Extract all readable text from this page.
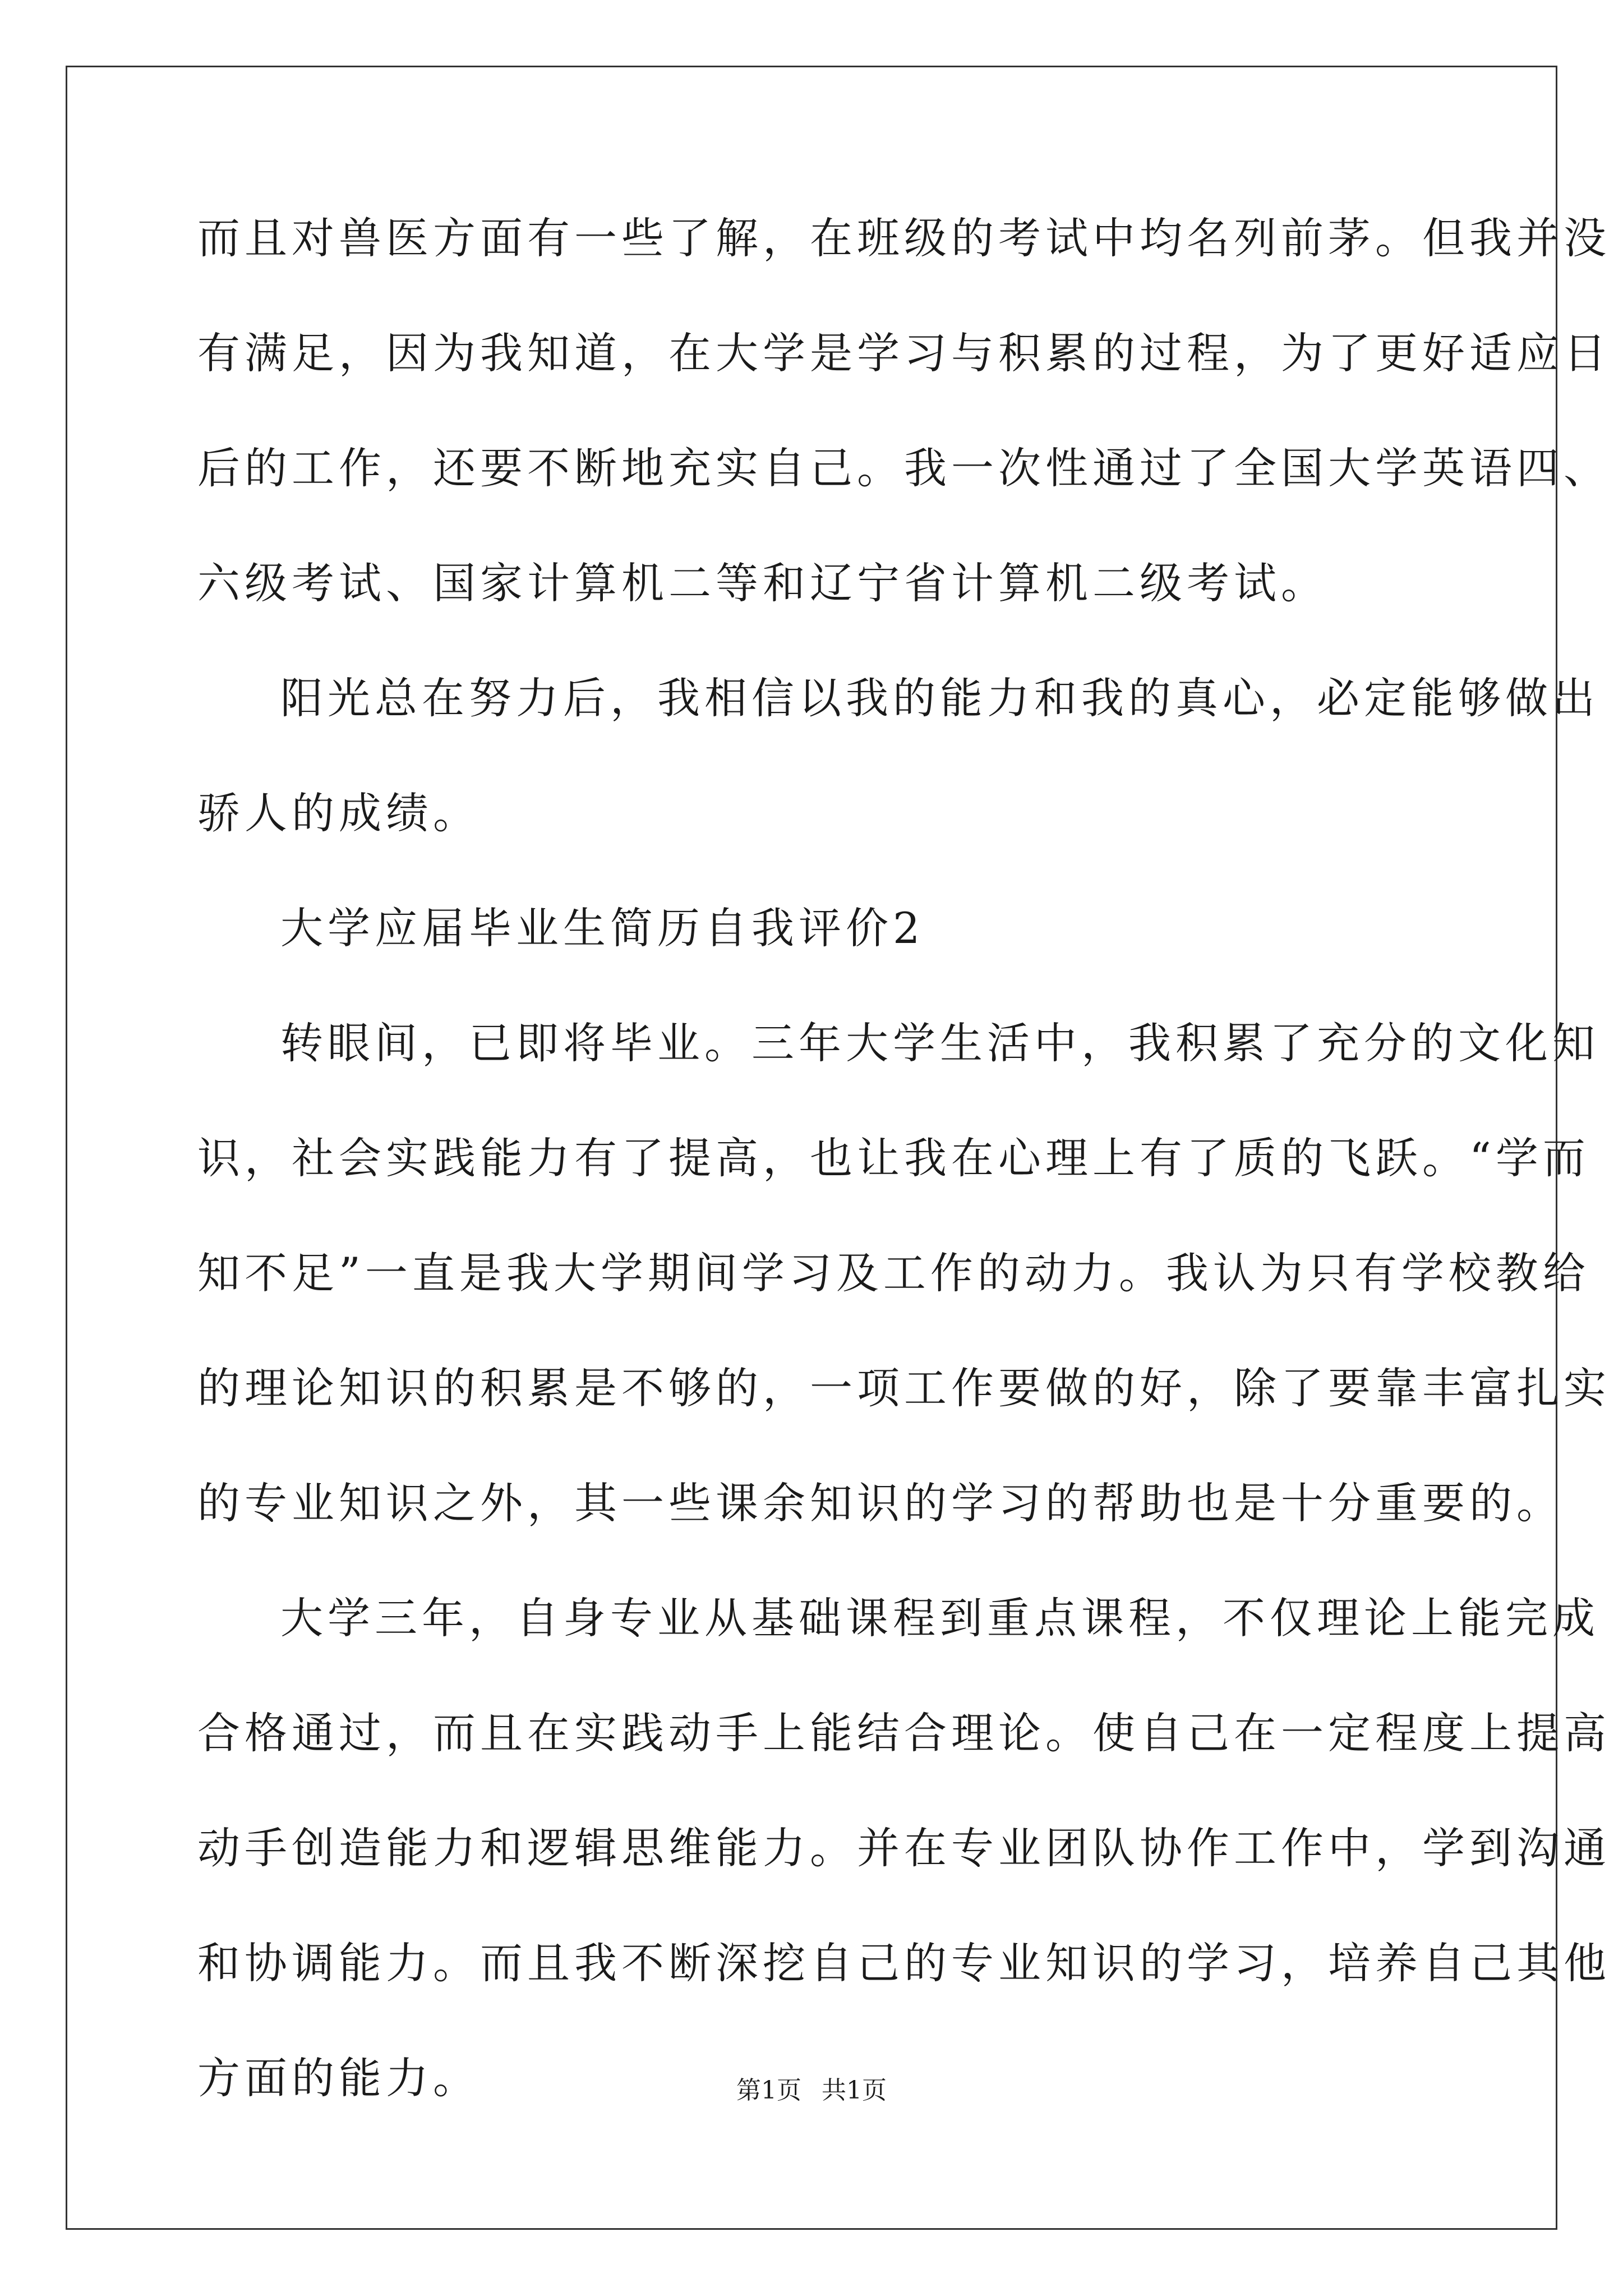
而且对兽医方面有一些了解，在班级的考试中均名列前茅。但我并没
有满足，因为我知道，在大学是学习与积累的过程，为了更好适应日
后的工作，还要不断地充实自己。我一次性通过了全国大学英语四、
六级考试、国家计算机二等和辽宁省计算机二级考试。
阳光总在努力后，我相信以我的能力和我的真心，必定能够做出
骄人的成绩。
大学应届毕业生简历自我评价2
转眼间，已即将毕业。三年大学生活中，我积累了充分的文化知
识，社会实践能力有了提高，也让我在心理上有了质的飞跃。“学而
知不足”一直是我大学期间学习及工作的动力。我认为只有学校教给
的理论知识的积累是不够的，一项工作要做的好，除了要靠丰富扎实
的专业知识之外，其一些课余知识的学习的帮助也是十分重要的。
大学三年，自身专业从基础课程到重点课程，不仅理论上能完成
合格通过，而且在实践动手上能结合理论。使自己在一定程度上提高
动手创造能力和逻辑思维能力。并在专业团队协作工作中，学到沟通
和协调能力。而且我不断深挖自己的专业知识的学习，培养自己其他
方面的能力。	第1页 共1页
